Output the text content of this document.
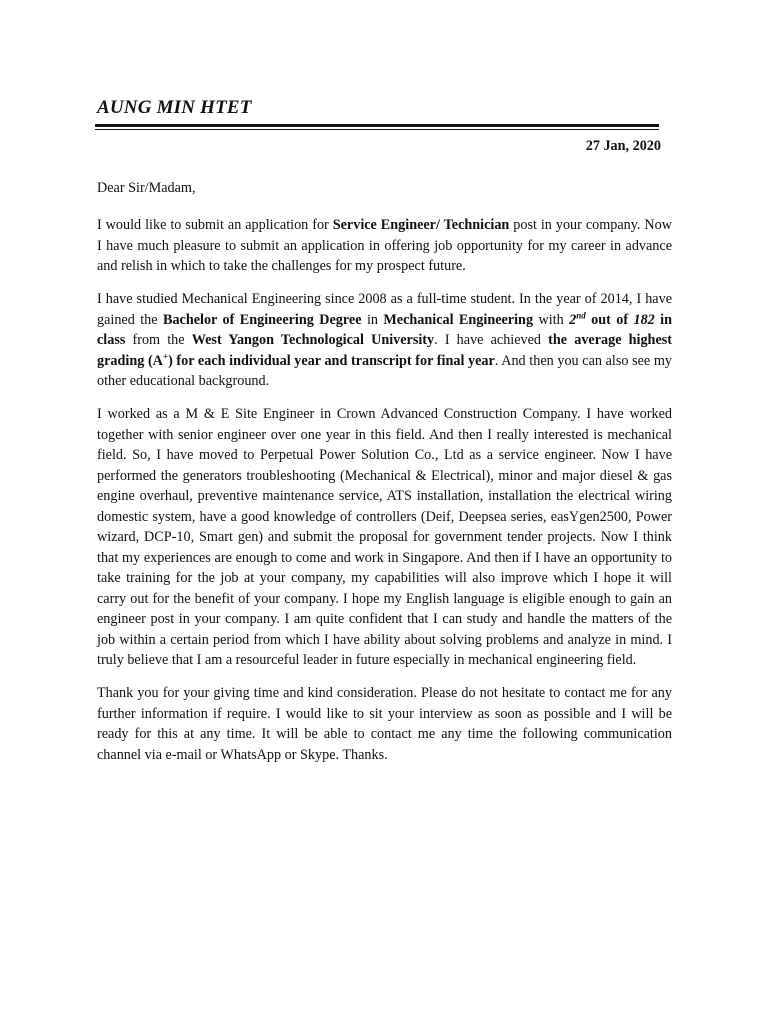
AUNG MIN HTET
27 Jan, 2020
Dear Sir/Madam,

I would like to submit an application for Service Engineer/ Technician post in your company. Now I have much pleasure to submit an application in offering job opportunity for my career in advance and relish in which to take the challenges for my prospect future.

I have studied Mechanical Engineering since 2008 as a full-time student. In the year of 2014, I have gained the Bachelor of Engineering Degree in Mechanical Engineering with 2nd out of 182 in class from the West Yangon Technological University. I have achieved the average highest grading (A+) for each individual year and transcript for final year. And then you can also see my other educational background.

I worked as a M & E Site Engineer in Crown Advanced Construction Company. I have worked together with senior engineer over one year in this field. And then I really interested is mechanical field. So, I have moved to Perpetual Power Solution Co., Ltd as a service engineer. Now I have performed the generators troubleshooting (Mechanical & Electrical), minor and major diesel & gas engine overhaul, preventive maintenance service, ATS installation, installation the electrical wiring domestic system, have a good knowledge of controllers (Deif, Deepsea series, easYgen2500, Power wizard, DCP-10, Smart gen) and submit the proposal for government tender projects. Now I think that my experiences are enough to come and work in Singapore. And then if I have an opportunity to take training for the job at your company, my capabilities will also improve which I hope it will carry out for the benefit of your company. I hope my English language is eligible enough to gain an engineer post in your company. I am quite confident that I can study and handle the matters of the job within a certain period from which I have ability about solving problems and analyze in mind. I truly believe that I am a resourceful leader in future especially in mechanical engineering field.

Thank you for your giving time and kind consideration. Please do not hesitate to contact me for any further information if require. I would like to sit your interview as soon as possible and I will be ready for this at any time. It will be able to contact me any time the following communication channel via e-mail or WhatsApp or Skype. Thanks.
